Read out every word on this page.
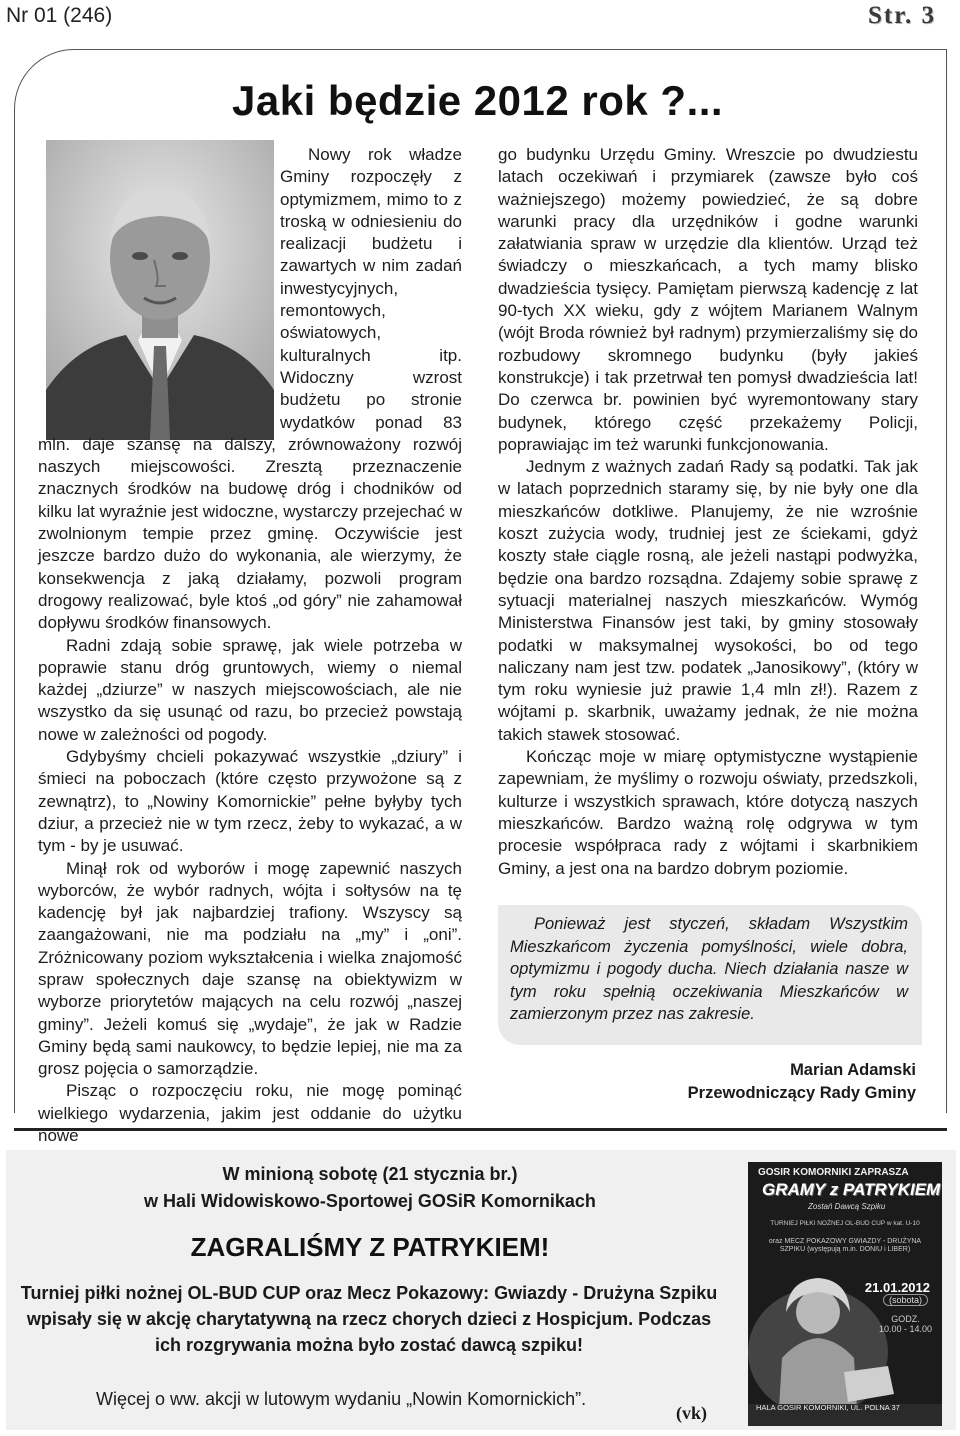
Nr 01 (246)	Str. 3
Jaki będzie 2012 rok ?...

Nowy rok władze Gminy rozpoczęły z optymizmem, mimo to z troską w odniesieniu do realizacji budżetu i zawartych w nim zadań inwestycyjnych, remontowych, oświatowych, kulturalnych itp. Widoczny wzrost budżetu po stronie wydatków ponad 83 mln. daje szansę na dalszy, zrównoważony rozwój naszych miejscowości. Zresztą przeznaczenie znacznych środków na budowę dróg i chodników od kilku lat wyraźnie jest widoczne, wystarczy przejechać w zwolnionym tempie przez gminę. Oczywiście jest jeszcze bardzo dużo do wykonania, ale wierzymy, że konsekwencja z jaką działamy, pozwoli program drogowy realizować, byle ktoś „od góry” nie zahamował dopływu środków finansowych.

Radni zdają sobie sprawę, jak wiele potrzeba w poprawie stanu dróg gruntowych, wiemy o niemal każdej „dziurze” w naszych miejscowościach, ale nie wszystko da się usunąć od razu, bo przecież powstają nowe w zależności od pogody.

Gdybyśmy chcieli pokazywać wszystkie „dziury” i śmieci na poboczach (które często przywożone są z zewnątrz), to „Nowiny Komornickie” pełne byłyby tych dziur, a przecież nie w tym rzecz, żeby to wykazać, a w tym - by je usuwać.

Minął rok od wyborów i mogę zapewnić naszych wyborców, że wybór radnych, wójta i sołtysów na tę kadencję był jak najbardziej trafiony. Wszyscy są zaangażowani, nie ma podziału na „my” i „oni”. Zróżnicowany poziom wykształcenia i wielka znajomość spraw społecznych daje szansę na obiektywizm w wyborze priorytetów mających na celu rozwój „naszej gminy”. Jeżeli komuś się „wydaje”, że jak w Radzie Gminy będą sami naukowcy, to będzie lepiej, nie ma za grosz pojęcia o samorządzie.

Pisząc o rozpoczęciu roku, nie mogę pominąć wielkiego wydarzenia, jakim jest oddanie do użytku nowe

go budynku Urzędu Gminy. Wreszcie po dwudziestu latach oczekiwań i przymiarek (zawsze było coś ważniejszego) możemy powiedzieć, że są dobre warunki pracy dla urzędników i godne warunki załatwiania spraw w urzędzie dla klientów. Urząd też świadczy o mieszkańcach, a tych mamy blisko dwadzieścia tysięcy. Pamiętam pierwszą kadencję z lat 90-tych XX wieku, gdy z wójtem Marianem Walnym (wójt Broda również był radnym) przymierzaliśmy się do rozbudowy skromnego budynku (były jakieś konstrukcje) i tak przetrwał ten pomysł dwadzieścia lat! Do czerwca br. powinien być wyremontowany stary budynek, którego część przekażemy Policji, poprawiając im też warunki funkcjonowania.

Jednym z ważnych zadań Rady są podatki. Tak jak w latach poprzednich staramy się, by nie były one dla mieszkańców dotkliwe. Planujemy, że nie wzrośnie koszt zużycia wody, trudniej jest ze ściekami, gdyż koszty stałe ciągle rosną, ale jeżeli nastąpi podwyżka, będzie ona bardzo rozsądna. Zdajemy sobie sprawę z sytuacji materialnej naszych mieszkańców. Wymóg Ministerstwa Finansów jest taki, by gminy stosowały podatki w maksymalnej wysokości, bo od tego naliczany nam jest tzw. podatek „Janosikowy”, (który w tym roku wyniesie już prawie 1,4 mln zł!). Razem z wójtami p. skarbnik, uważamy jednak, że nie można takich stawek stosować.

Kończąc moje w miarę optymistyczne wystąpienie zapewniam, że myślimy o rozwoju oświaty, przedszkoli, kulturze i wszystkich sprawach, które dotyczą naszych mieszkańców. Bardzo ważną rolę odgrywa w tym procesie współpraca rady z wójtami i skarbnikiem Gminy, a jest ona na bardzo dobrym poziomie.

Ponieważ jest styczeń, składam Wszystkim Mieszkańcom życzenia pomyślności, wiele dobra, optymizmu i pogody ducha. Niech działania nasze w tym roku spełnią oczekiwania Mieszkańców w zamierzonym przez nas zakresie.
Marian Adamski
Przewodniczący Rady Gminy
W minioną sobotę (21 stycznia br.)
w Hali Widowiskowo-Sportowej GOSiR Komornikach
ZAGRALIŚMY Z PATRYKIEM!
Turniej piłki nożnej OL-BUD CUP oraz Mecz Pokazowy: Gwiazdy - Drużyna Szpiku wpisały się w akcję charytatywną na rzecz chorych dzieci z Hospicjum. Podczas ich rozgrywania można było zostać dawcą szpiku!
Więcej o ww. akcji w lutowym wydaniu „Nowin Komornickich”.
(vk)
GOSIR KOMORNIKI ZAPRASZA
GRAMY z PATRYKIEM
Zostań Dawcą Szpiku
TURNIEJ PIŁKI NOŻNEJ OL-BUD CUP w kat. U-10
oraz MECZ POKAZOWY GWIAZDY - DRUŻYNA SZPIKU (występują m.in. DONIU i LIBER)
21.01.2012
(sobota)
GODZ.
10.00 - 14.00
HALA GOSIR KOMORNIKI, UL. POLNA 37
